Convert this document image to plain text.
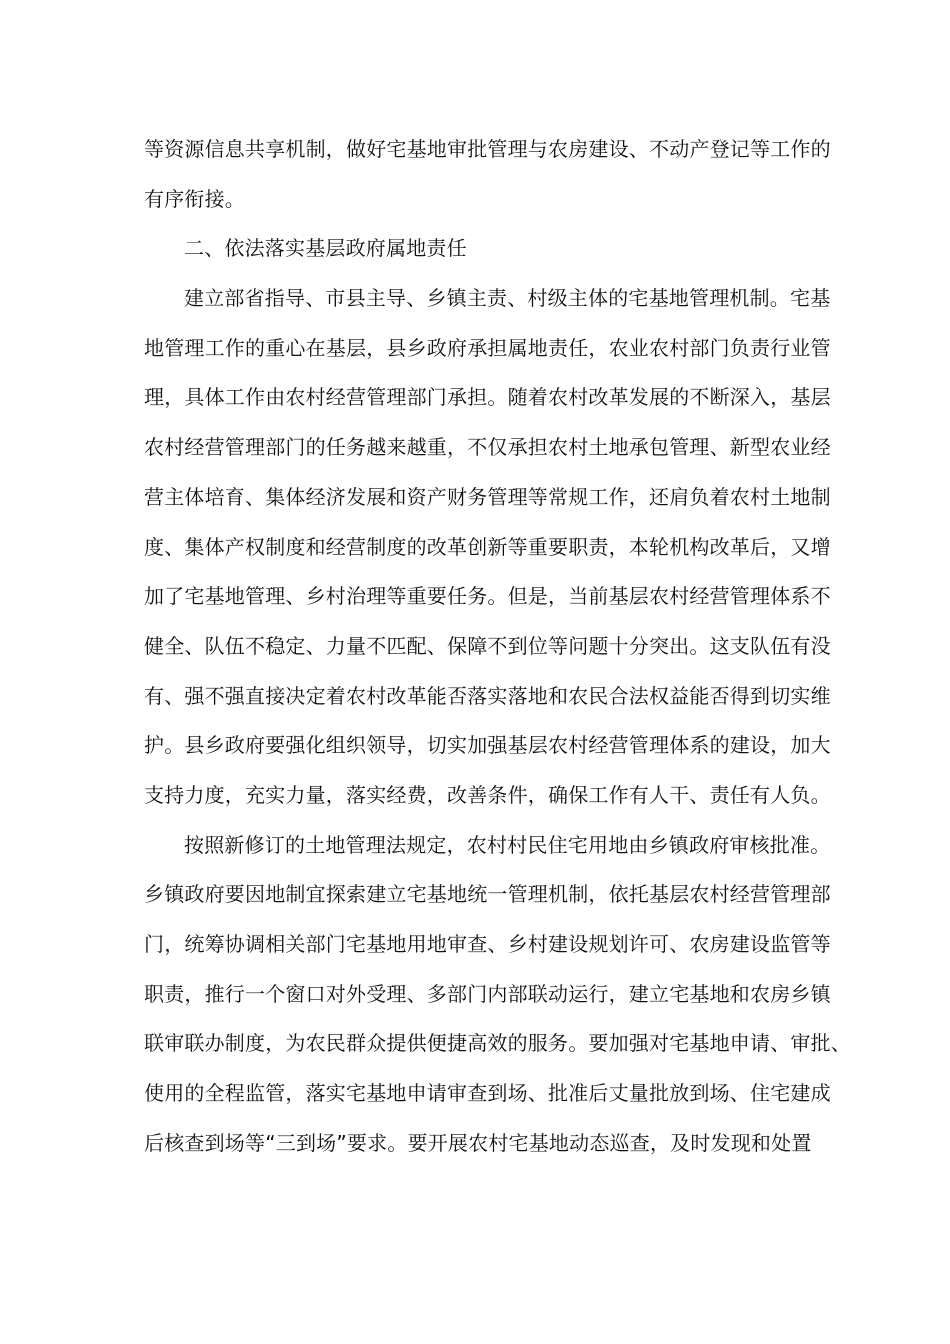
等资源信息共享机制，做好宅基地审批管理与农房建设、不动产登记等工作的
有序衔接。
二、依法落实基层政府属地责任
建立部省指导、市县主导、乡镇主责、村级主体的宅基地管理机制。宅基
地管理工作的重心在基层，县乡政府承担属地责任，农业农村部门负责行业管
理，具体工作由农村经营管理部门承担。随着农村改革发展的不断深入，基层
农村经营管理部门的任务越来越重，不仅承担农村土地承包管理、新型农业经
营主体培育、集体经济发展和资产财务管理等常规工作，还肩负着农村土地制
度、集体产权制度和经营制度的改革创新等重要职责，本轮机构改革后，又增
加了宅基地管理、乡村治理等重要任务。但是，当前基层农村经营管理体系不
健全、队伍不稳定、力量不匹配、保障不到位等问题十分突出。这支队伍有没
有、强不强直接决定着农村改革能否落实落地和农民合法权益能否得到切实维
护。县乡政府要强化组织领导，切实加强基层农村经营管理体系的建设，加大
支持力度，充实力量，落实经费，改善条件，确保工作有人干、责任有人负。
按照新修订的土地管理法规定，农村村民住宅用地由乡镇政府审核批准。
乡镇政府要因地制宜探索建立宅基地统一管理机制，依托基层农村经营管理部
门，统筹协调相关部门宅基地用地审查、乡村建设规划许可、农房建设监管等
职责，推行一个窗口对外受理、多部门内部联动运行，建立宅基地和农房乡镇
联审联办制度，为农民群众提供便捷高效的服务。要加强对宅基地申请、审批、
使用的全程监管，落实宅基地申请审查到场、批准后丈量批放到场、住宅建成
后核查到场等“三到场”要求。要开展农村宅基地动态巡查，及时发现和处置
